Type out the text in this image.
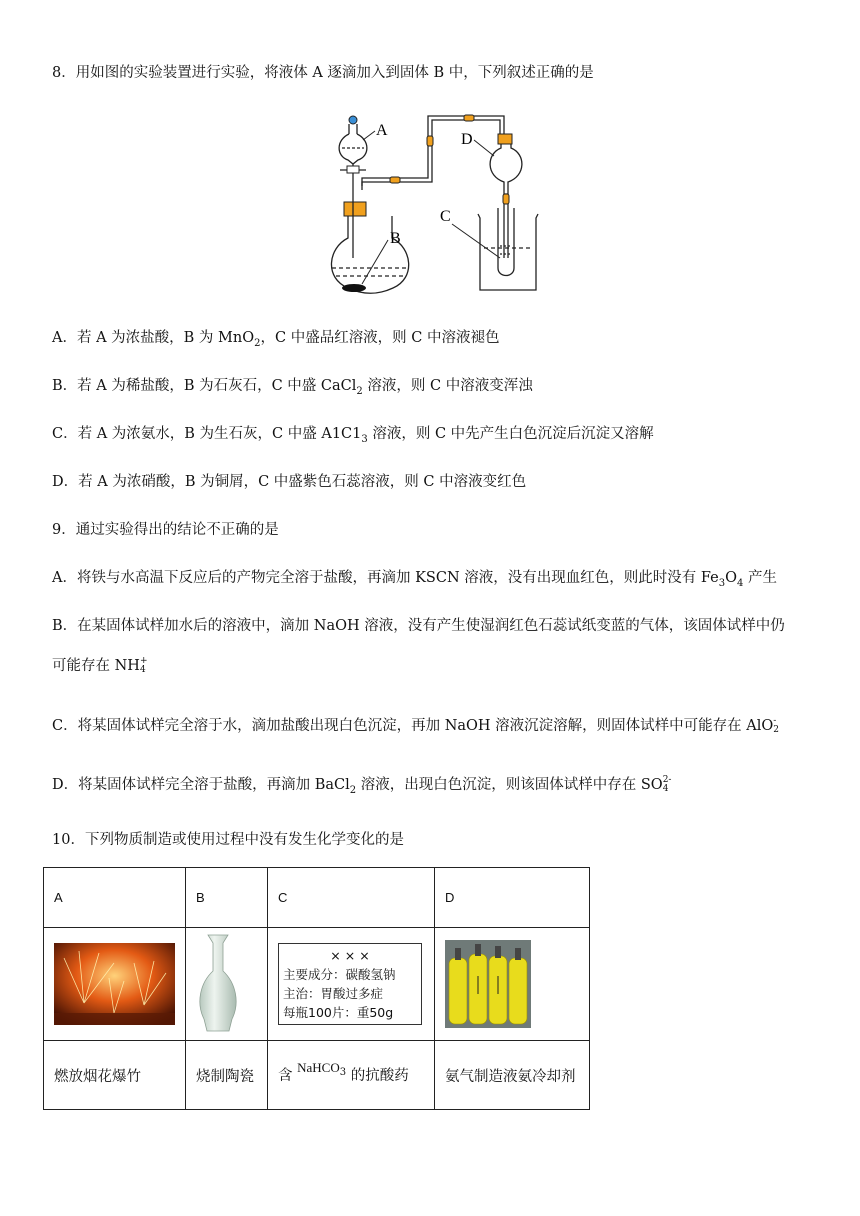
8．用如图的实验装置进行实验，将液体 A 逐滴加入到固体 B 中，下列叙述正确的是
A
B
D
C
A．若 A 为浓盐酸，B 为 MnO$_2$，C 中盛品红溶液，则 C 中溶液褪色
B．若 A 为稀盐酸，B 为石灰石，C 中盛 CaCl$_2$ 溶液，则 C 中溶液变浑浊
C．若 A 为浓氨水，B 为生石灰，C 中盛 $A1C1_3$ 溶液，则 C 中先产生白色沉淀后沉淀又溶解
D．若 A 为浓硝酸，B 为铜屑，C 中盛紫色石蕊溶液，则 C 中溶液变红色
9．通过实验得出的结论不正确的是
A．将铁与水高温下反应后的产物完全溶于盐酸，再滴加 KSCN 溶液，没有出现血红色，则此时没有 $Fe_3O_4$ 产生
B．在某固体试样加水后的溶液中，滴加 NaOH 溶液，没有产生使湿润红色石蕊试纸变蓝的气体，该固体试样中仍
可能存在 NH +
4
C．将某固体试样完全溶于水，滴加盐酸出现白色沉淀，再加 NaOH 溶液沉淀溶解，则固体试样中可能存在 AlO -
2
D．将某固体试样完全溶于盐酸，再滴加 BaCl$_2$ 溶液，出现白色沉淀，则该固体试样中存在 SO 2-
4
10．下列物质制造或使用过程中没有发生化学变化的是
A	B	C	D

×××
主要成分：碳酸氢钠
主治：胃酸过多症
每瓶100片：重50g

燃放烟花爆竹	烧制陶瓷	含 NaHCO$_3$ 的抗酸药	氨气制造液氨冷却剂
